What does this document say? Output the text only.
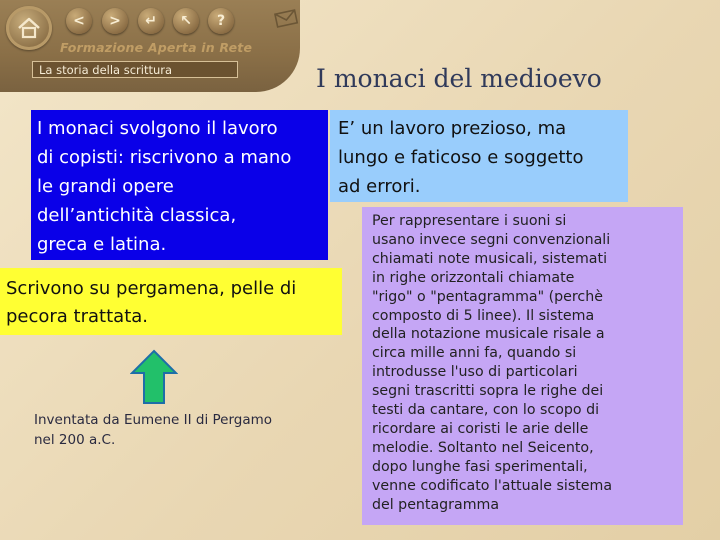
< > ↵ ↖ ?
Formazione Aperta in Rete
La storia della scrittura	I monaci del medioevo
I monaci svolgono il lavoro
di copisti: riscrivono a mano
le grandi opere
dell’antichità classica,
greca e latina.
E’ un lavoro prezioso, ma
lungo e faticoso e soggetto
ad errori.
Scrivono su pergamena, pelle di
pecora trattata.
Inventata da Eumene II di Pergamo
nel 200 a.C.
Per rappresentare i suoni si
usano invece segni convenzionali
chiamati note musicali, sistemati
in righe orizzontali chiamate
"rigo" o "pentagramma" (perchè
composto di 5 linee). Il sistema
della notazione musicale risale a
circa mille anni fa, quando si
introdusse l'uso di particolari
segni trascritti sopra le righe dei
testi da cantare, con lo scopo di
ricordare ai coristi le arie delle
melodie. Soltanto nel Seicento,
dopo lunghe fasi sperimentali,
venne codificato l'attuale sistema
del pentagramma
